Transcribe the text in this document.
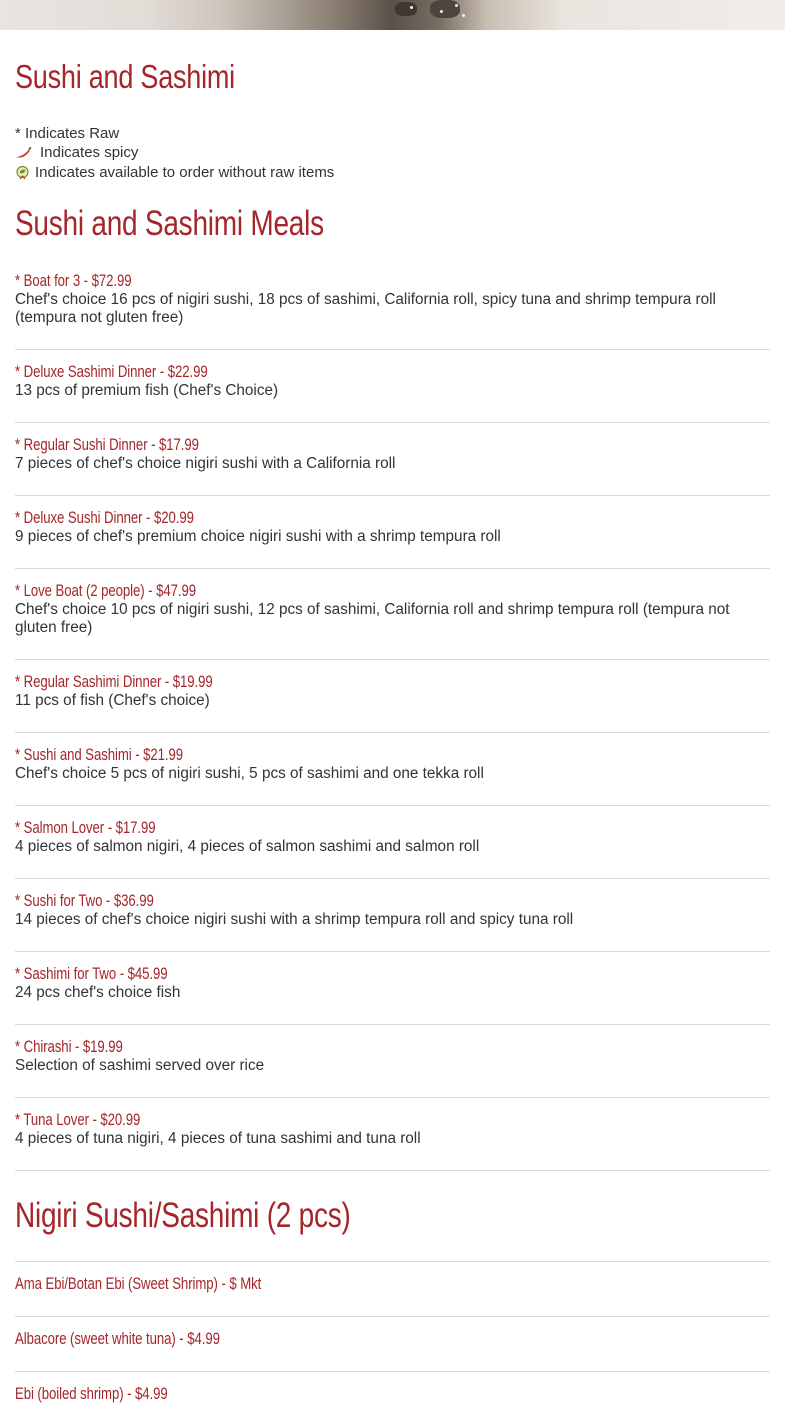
Sushi and Sashimi
* Indicates Raw
Indicates spicy
Indicates available to order without raw items
Sushi and Sashimi Meals
* Boat for 3 - $72.99
Chef's choice 16 pcs of nigiri sushi, 18 pcs of sashimi, California roll, spicy tuna and shrimp tempura roll (tempura not gluten free)
* Deluxe Sashimi Dinner - $22.99
13 pcs of premium fish (Chef's Choice)
* Regular Sushi Dinner - $17.99
7 pieces of chef's choice nigiri sushi with a California roll
* Deluxe Sushi Dinner - $20.99
9 pieces of chef's premium choice nigiri sushi with a shrimp tempura roll
* Love Boat (2 people) - $47.99
Chef's choice 10 pcs of nigiri sushi, 12 pcs of sashimi, California roll and shrimp tempura roll (tempura not gluten free)
* Regular Sashimi Dinner - $19.99
11 pcs of fish (Chef's choice)
* Sushi and Sashimi - $21.99
Chef's choice 5 pcs of nigiri sushi, 5 pcs of sashimi and one tekka roll
* Salmon Lover - $17.99
4 pieces of salmon nigiri, 4 pieces of salmon sashimi and salmon roll
* Sushi for Two - $36.99
14 pieces of chef's choice nigiri sushi with a shrimp tempura roll and spicy tuna roll
* Sashimi for Two - $45.99
24 pcs chef's choice fish
* Chirashi - $19.99
Selection of sashimi served over rice
* Tuna Lover - $20.99
4 pieces of tuna nigiri, 4 pieces of tuna sashimi and tuna roll
Nigiri Sushi/Sashimi (2 pcs)
Ama Ebi/Botan Ebi (Sweet Shrimp) - $ Mkt
Albacore (sweet white tuna) - $4.99
Ebi (boiled shrimp) - $4.99
